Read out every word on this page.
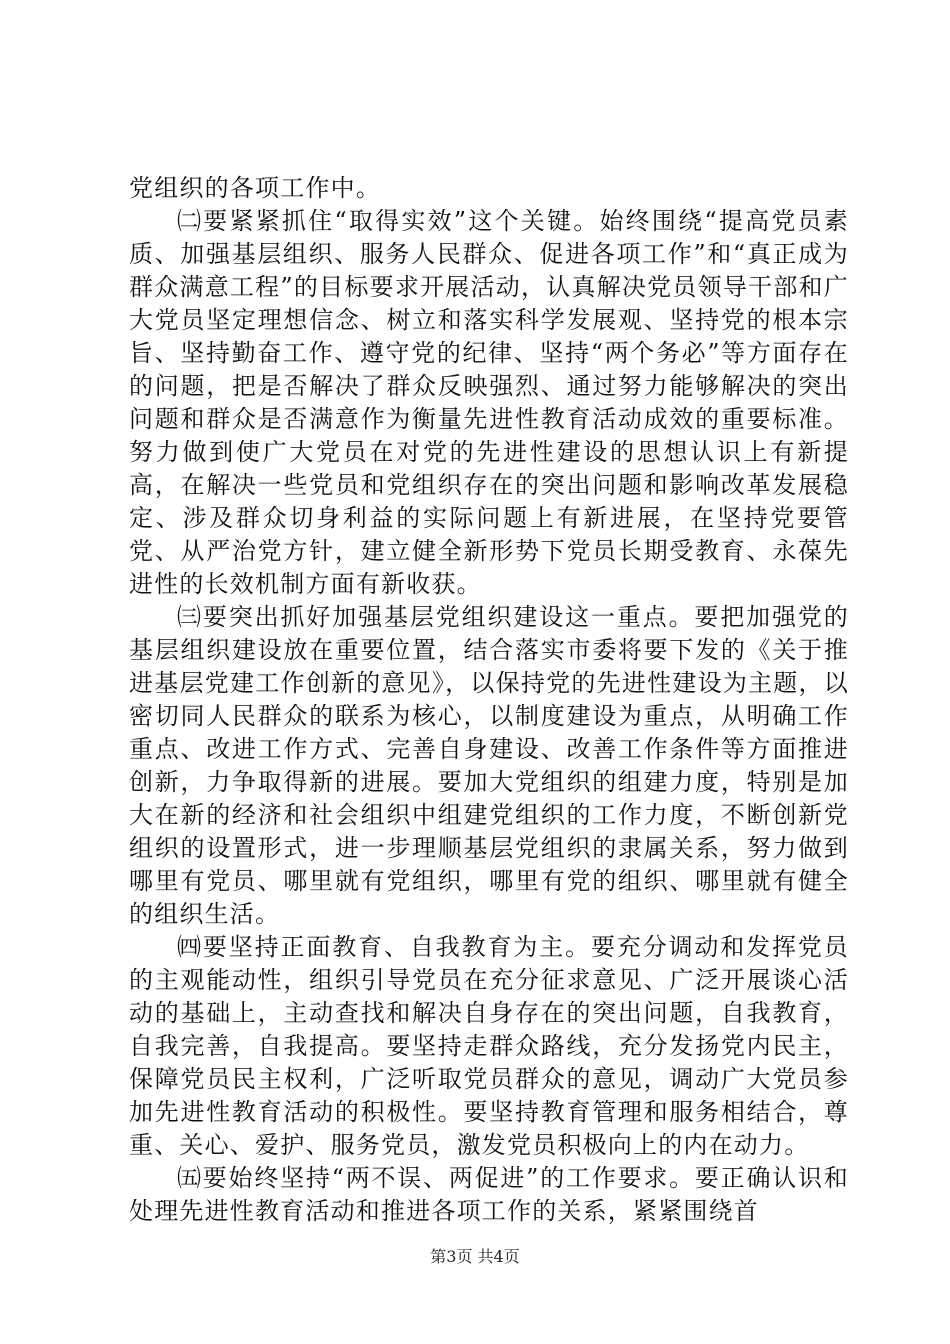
党组织的各项工作中。

㈡要紧紧抓住“取得实效”这个关键。始终围绕“提高党员素质、加强基层组织、服务人民群众、促进各项工作”和“真正成为群众满意工程”的目标要求开展活动，认真解决党员领导干部和广大党员坚定理想信念、树立和落实科学发展观、坚持党的根本宗旨、坚持勤奋工作、遵守党的纪律、坚持“两个务必”等方面存在的问题，把是否解决了群众反映强烈、通过努力能够解决的突出问题和群众是否满意作为衡量先进性教育活动成效的重要标准。努力做到使广大党员在对党的先进性建设的思想认识上有新提高，在解决一些党员和党组织存在的突出问题和影响改革发展稳定、涉及群众切身利益的实际问题上有新进展，在坚持党要管党、从严治党方针，建立健全新形势下党员长期受教育、永葆先进性的长效机制方面有新收获。

㈢要突出抓好加强基层党组织建设这一重点。要把加强党的基层组织建设放在重要位置，结合落实市委将要下发的《关于推进基层党建工作创新的意见》，以保持党的先进性建设为主题，以密切同人民群众的联系为核心，以制度建设为重点，从明确工作重点、改进工作方式、完善自身建设、改善工作条件等方面推进创新，力争取得新的进展。要加大党组织的组建力度，特别是加大在新的经济和社会组织中组建党组织的工作力度，不断创新党组织的设置形式，进一步理顺基层党组织的隶属关系，努力做到哪里有党员、哪里就有党组织，哪里有党的组织、哪里就有健全的组织生活。

㈣要坚持正面教育、自我教育为主。要充分调动和发挥党员的主观能动性，组织引导党员在充分征求意见、广泛开展谈心活动的基础上，主动查找和解决自身存在的突出问题，自我教育，自我完善，自我提高。要坚持走群众路线，充分发扬党内民主，保障党员民主权利，广泛听取党员群众的意见，调动广大党员参加先进性教育活动的积极性。要坚持教育管理和服务相结合，尊重、关心、爱护、服务党员，激发党员积极向上的内在动力。

㈤要始终坚持“两不误、两促进”的工作要求。要正确认识和处理先进性教育活动和推进各项工作的关系，紧紧围绕首

第3页 共4页
